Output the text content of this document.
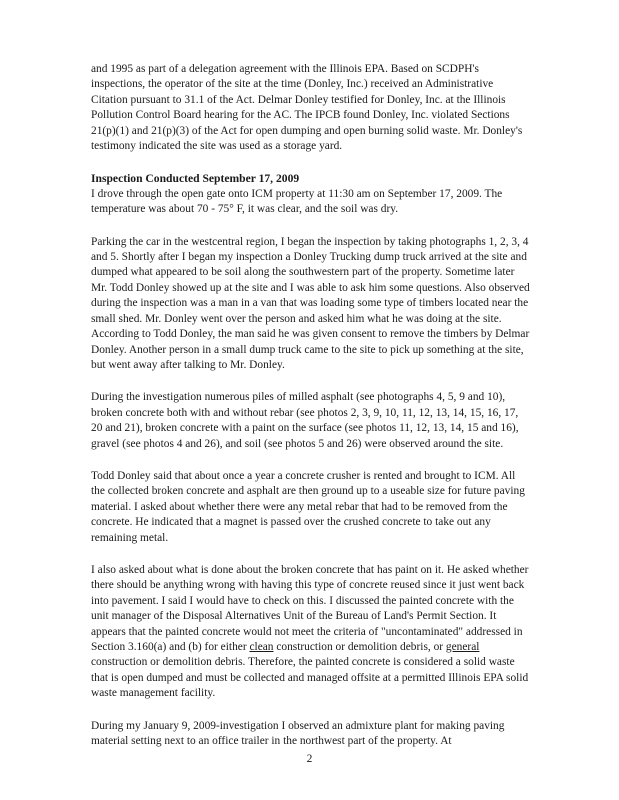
and 1995 as part of a delegation agreement with the Illinois EPA. Based on SCDPH's inspections, the operator of the site at the time (Donley, Inc.) received an Administrative Citation pursuant to 31.1 of the Act. Delmar Donley testified for Donley, Inc. at the Illinois Pollution Control Board hearing for the AC. The IPCB found Donley, Inc. violated Sections 21(p)(1) and 21(p)(3) of the Act for open dumping and open burning solid waste. Mr. Donley's testimony indicated the site was used as a storage yard.

Inspection Conducted September 17, 2009

I drove through the open gate onto ICM property at 11:30 am on September 17, 2009. The temperature was about 70 - 75° F, it was clear, and the soil was dry.

Parking the car in the westcentral region, I began the inspection by taking photographs 1, 2, 3, 4 and 5. Shortly after I began my inspection a Donley Trucking dump truck arrived at the site and dumped what appeared to be soil along the southwestern part of the property. Sometime later Mr. Todd Donley showed up at the site and I was able to ask him some questions. Also observed during the inspection was a man in a van that was loading some type of timbers located near the small shed. Mr. Donley went over the person and asked him what he was doing at the site. According to Todd Donley, the man said he was given consent to remove the timbers by Delmar Donley. Another person in a small dump truck came to the site to pick up something at the site, but went away after talking to Mr. Donley.

During the investigation numerous piles of milled asphalt (see photographs 4, 5, 9 and 10), broken concrete both with and without rebar (see photos 2, 3, 9, 10, 11, 12, 13, 14, 15, 16, 17, 20 and 21), broken concrete with a paint on the surface (see photos 11, 12, 13, 14, 15 and 16), gravel (see photos 4 and 26), and soil (see photos 5 and 26) were observed around the site.

Todd Donley said that about once a year a concrete crusher is rented and brought to ICM. All the collected broken concrete and asphalt are then ground up to a useable size for future paving material. I asked about whether there were any metal rebar that had to be removed from the concrete. He indicated that a magnet is passed over the crushed concrete to take out any remaining metal.

I also asked about what is done about the broken concrete that has paint on it. He asked whether there should be anything wrong with having this type of concrete reused since it just went back into pavement. I said I would have to check on this. I discussed the painted concrete with the unit manager of the Disposal Alternatives Unit of the Bureau of Land's Permit Section. It appears that the painted concrete would not meet the criteria of "uncontaminated" addressed in Section 3.160(a) and (b) for either clean construction or demolition debris, or general construction or demolition debris. Therefore, the painted concrete is considered a solid waste that is open dumped and must be collected and managed offsite at a permitted Illinois EPA solid waste management facility.

During my January 9, 2009-investigation I observed an admixture plant for making paving material setting next to an office trailer in the northwest part of the property. At

2
